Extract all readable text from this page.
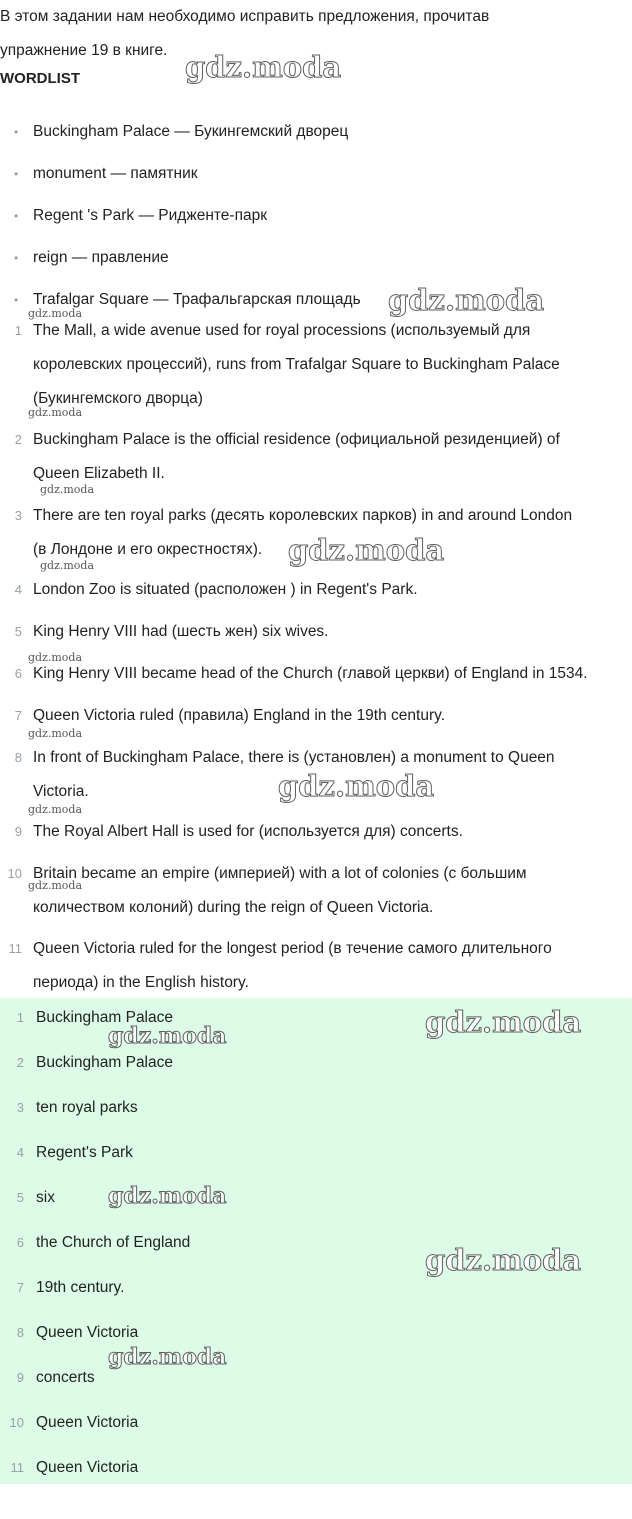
В этом задании нам необходимо исправить предложения, прочитав
упражнение 19 в книге.
WORDLIST
• Buckingham Palace — Букингемский дворец
• monument — памятник
• Regent 's Park — Ридженте-парк
• reign — правление
• Trafalgar Square — Трафальгарская площадь
1 The Mall, a wide avenue used for royal processions (используемый для
королевских процессий), runs from Trafalgar Square to Buckingham Palace
(Букингемского дворца)
2 Buckingham Palace is the official residence (официальной резиденцией) of
Queen Elizabeth II.
3 There are ten royal parks (десять королевских парков) in and around London
(в Лондоне и его окрестностях).
4 London Zoo is situated (расположен ) in Regent's Park.
5 King Henry VIII had (шесть жен) six wives.
6 King Henry VIII became head of the Church (главой церкви) of England in 1534.
7 Queen Victoria ruled (правила) England in the 19th century.
8 In front of Buckingham Palace, there is (установлен) a monument to Queen
Victoria.
9 The Royal Albert Hall is used for (используется для) concerts.
10 Britain became an empire (империей) with a lot of colonies (с большим
количеством колоний) during the reign of Queen Victoria.
11 Queen Victoria ruled for the longest period (в течение самого длительного
периода) in the English history.
1 Buckingham Palace
2 Buckingham Palace
3 ten royal parks
4 Regent's Park
5 six
6 the Church of England
7 19th century.
8 Queen Victoria
9 concerts
10 Queen Victoria
11 Queen Victoria
gdz.moda
gdz.moda
gdz.moda
gdz.moda
gdz.moda
gdz.moda
gdz.moda
gdz.moda
gdz.moda
gdz.moda
gdz.moda
gdz.moda
gdz.moda
gdz.moda
gdz.moda
gdz.moda
gdz.moda
